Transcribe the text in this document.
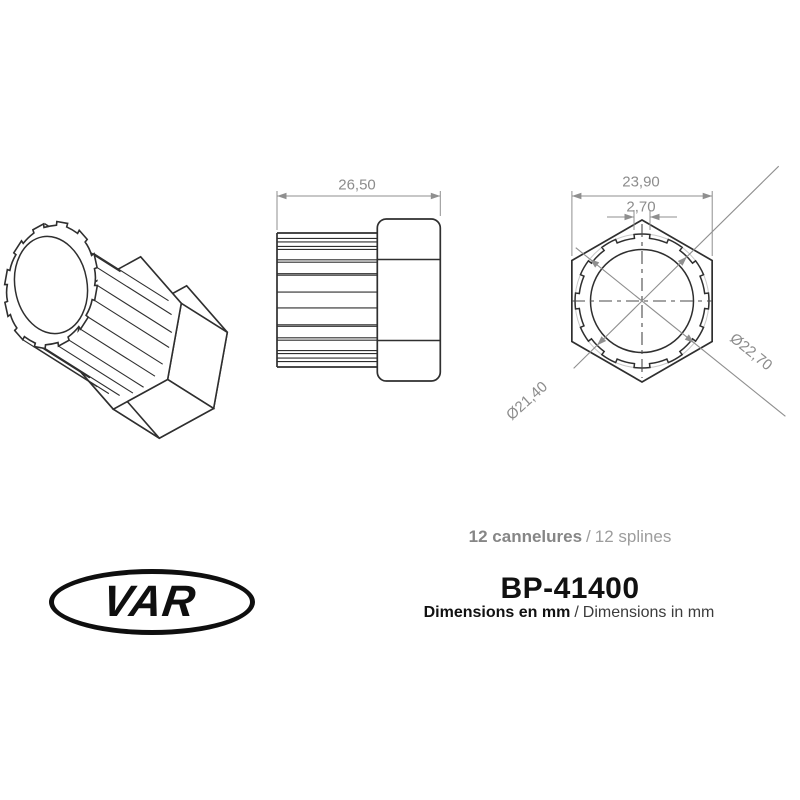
26,50	23,90
2,70
Ø21,40
Ø22,70
12 cannelures / 12 splines
BP-41400
Dimensions en mm / Dimensions in mm
VAR
